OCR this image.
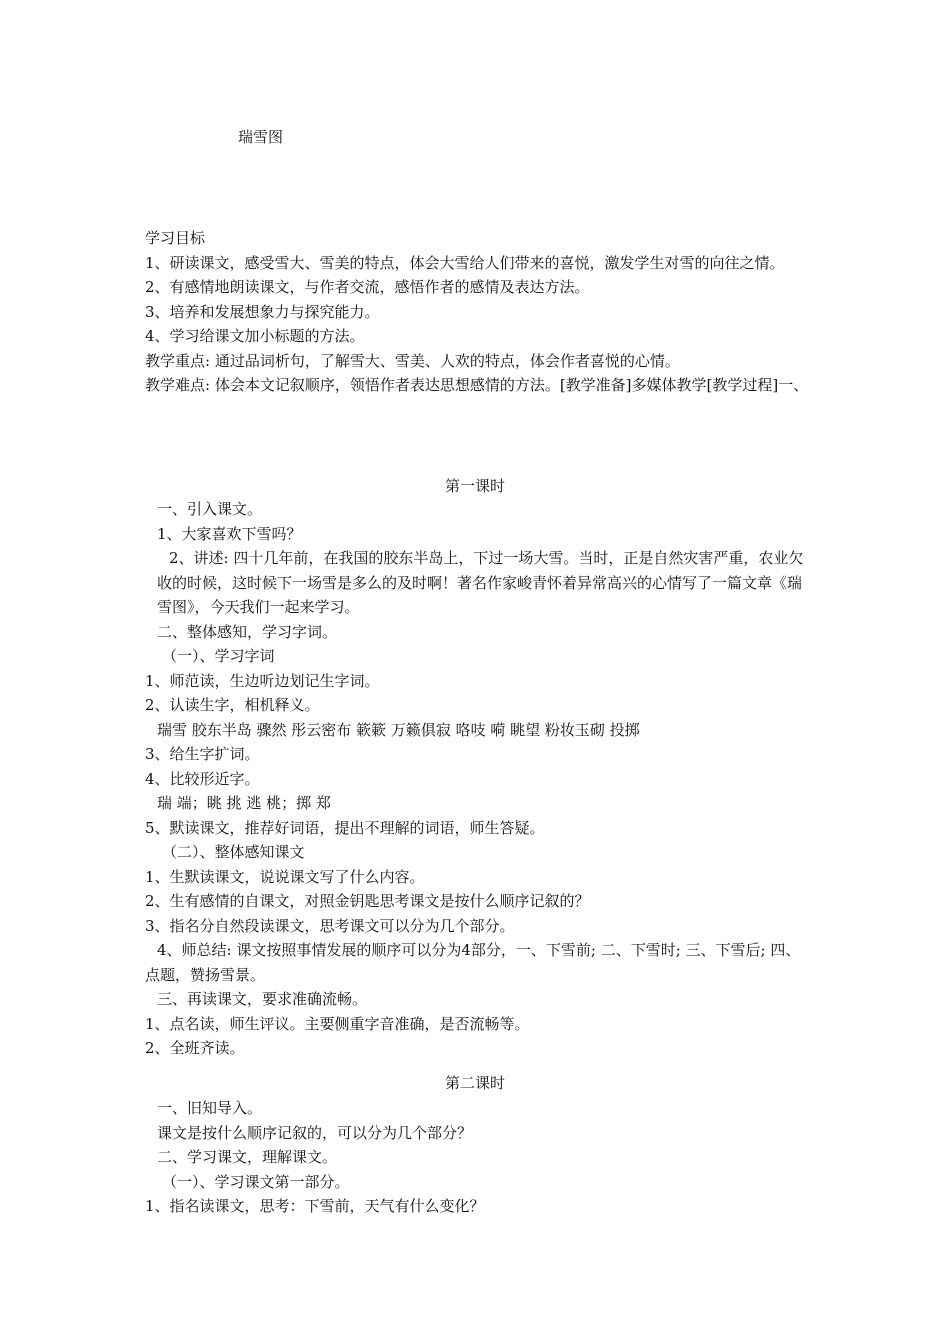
瑞雪图

学习目标

1、研读课文，感受雪大、雪美的特点，体会大雪给人们带来的喜悦，激发学生对雪的向往之情。

2、有感情地朗读课文，与作者交流，感悟作者的感情及表达方法。

3、培养和发展想象力与探究能力。

4、学习给课文加小标题的方法。

教学重点: 通过品词析句，了解雪大、雪美、人欢的特点，体会作者喜悦的心情。

教学难点: 体会本文记叙顺序，领悟作者表达思想感情的方法。[教学准备]多媒体教学[教学过程]一、

第一课时

一、引入课文。

1、大家喜欢下雪吗？

2、讲述: 四十几年前，在我国的胶东半岛上，下过一场大雪。当时，正是自然灾害严重，农业欠收的时候，这时候下一场雪是多么的及时啊！著名作家峻青怀着异常高兴的心情写了一篇文章《瑞雪图》，今天我们一起来学习。

二、整体感知，学习字词。

（一）、学习字词

1、师范读，生边听边划记生字词。

2、认读生字，相机释义。

瑞雪 胶东半岛 骤然 彤云密布 簌簌 万籁俱寂 咯吱 嗬 眺望 粉妆玉砌 投掷

3、给生字扩词。

4、比较形近字。

瑞 端；眺 挑 逃 桃；掷 郑

5、默读课文，推荐好词语，提出不理解的词语，师生答疑。

（二）、整体感知课文

1、生默读课文，说说课文写了什么内容。

2、生有感情的自课文，对照金钥匙思考课文是按什么顺序记叙的？

3、指名分自然段读课文，思考课文可以分为几个部分。

4、师总结: 课文按照事情发展的顺序可以分为4部分，一、下雪前; 二、下雪时; 三、下雪后; 四、点题，赞扬雪景。

三、再读课文，要求准确流畅。

1、点名读，师生评议。主要侧重字音准确，是否流畅等。

2、全班齐读。

第二课时

一、旧知导入。

课文是按什么顺序记叙的，可以分为几个部分？

二、学习课文，理解课文。

（一）、学习课文第一部分。

1、指名读课文，思考：下雪前，天气有什么变化？
